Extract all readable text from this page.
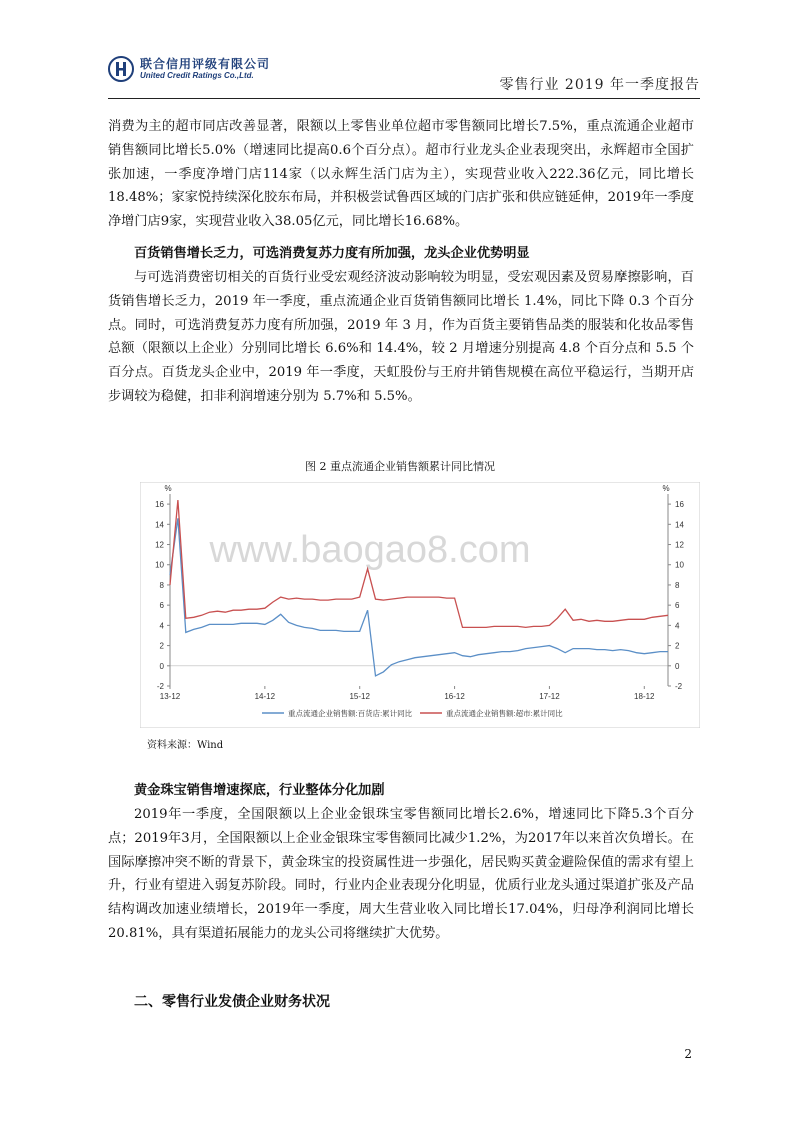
联合信用评级有限公司
United Credit Ratings Co.,Ltd.
零售行业 2019 年一季度报告
消费为主的超市同店改善显著，限额以上零售业单位超市零售额同比增长7.5%，重点流通企业超市销售额同比增长5.0%（增速同比提高0.6个百分点）。超市行业龙头企业表现突出，永辉超市全国扩张加速，一季度净增门店114家（以永辉生活门店为主），实现营业收入222.36亿元，同比增长18.48%；家家悦持续深化胶东布局，并积极尝试鲁西区域的门店扩张和供应链延伸，2019年一季度净增门店9家，实现营业收入38.05亿元，同比增长16.68%。
百货销售增长乏力，可选消费复苏力度有所加强，龙头企业优势明显
与可选消费密切相关的百货行业受宏观经济波动影响较为明显，受宏观因素及贸易摩擦影响，百货销售增长乏力，2019 年一季度，重点流通企业百货销售额同比增长 1.4%，同比下降 0.3 个百分点。同时，可选消费复苏力度有所加强，2019 年 3 月，作为百货主要销售品类的服装和化妆品零售总额（限额以上企业）分别同比增长 6.6%和 14.4%，较 2 月增速分别提高 4.8 个百分点和 5.5 个百分点。百货龙头企业中，2019 年一季度，天虹股份与王府井销售规模在高位平稳运行，当期开店步调较为稳健，扣非利润增速分别为 5.7%和 5.5%。
图 2 重点流通企业销售额累计同比情况
www.baogao8.com
%	%
-2	-2
0	0
2	2
4	4
6	6
8	8
10	10
12	12
14	14
16	16
13-12	14-12	15-12	16-12	17-12	18-12
重点流通企业销售额:百货店:累计同比	重点流通企业销售额:超市:累计同比
资料来源：Wind
黄金珠宝销售增速探底，行业整体分化加剧
2019年一季度，全国限额以上企业金银珠宝零售额同比增长2.6%，增速同比下降5.3个百分点；2019年3月，全国限额以上企业金银珠宝零售额同比减少1.2%，为2017年以来首次负增长。在国际摩擦冲突不断的背景下，黄金珠宝的投资属性进一步强化，居民购买黄金避险保值的需求有望上升，行业有望进入弱复苏阶段。同时，行业内企业表现分化明显，优质行业龙头通过渠道扩张及产品结构调改加速业绩增长，2019年一季度，周大生营业收入同比增长17.04%，归母净利润同比增长20.81%，具有渠道拓展能力的龙头公司将继续扩大优势。
二、零售行业发债企业财务状况
2
